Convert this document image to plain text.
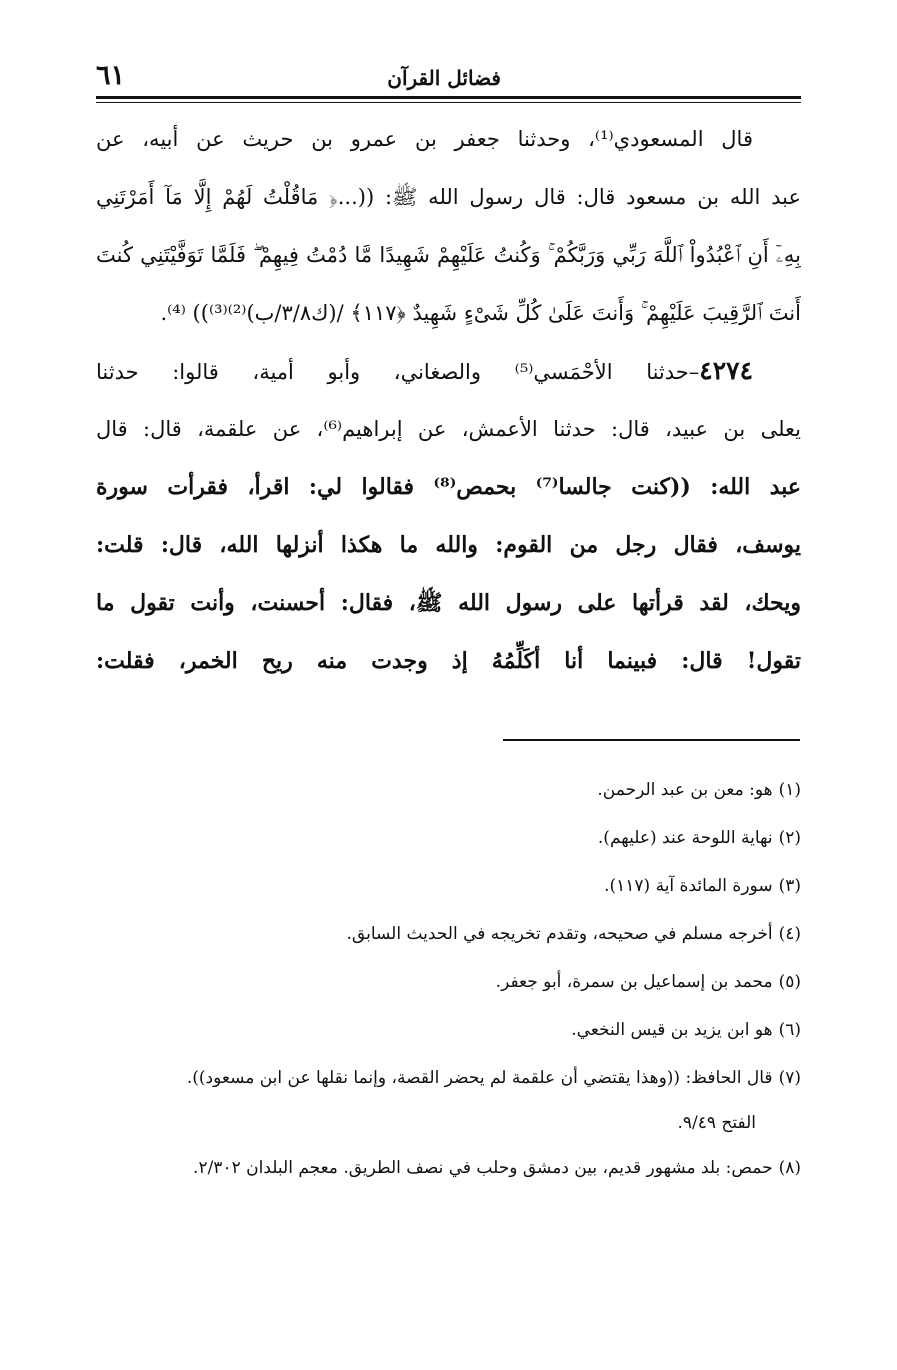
٦١	فضائل القرآن
قال المسعودي⁽¹⁾، وحدثنا جعفر بن عمرو بن حريث عن أبيه، عن
عبد الله بن مسعود قال: قال رسول الله ﷺ: ((...﴿ مَاقُلْتُ لَهُمْ إِلَّا مَآ أَمَرْتَنِي
بِهِۦٓ أَنِ ٱعْبُدُواْ ٱللَّهَ رَبِّي وَرَبَّكُمْ ۚ وَكُنتُ عَلَيْهِمْ شَهِيدًا مَّا دُمْتُ فِيهِمْ ۖ فَلَمَّا تَوَفَّيْتَنِي كُنتَ
أَنتَ ٱلرَّقِيبَ عَلَيْهِمْ ۚ وَأَنتَ عَلَىٰ كُلِّ شَىْءٍ شَهِيدٌ ﴿١١٧﴾ /(ك٣/٨/ب)⁽²⁾⁽³⁾)) ⁽⁴⁾.
٤٢٧٤–حدثنا الأحْمَسي⁽⁵⁾ والصغاني، وأبو أمية، قالوا: حدثنا
يعلى بن عبيد، قال: حدثنا الأعمش، عن إبراهيم⁽⁶⁾، عن علقمة، قال: قال
عبد الله: ((كنت جالسا⁽⁷⁾ بحمص⁽⁸⁾ فقالوا لي: اقرأ، فقرأت سورة
يوسف، فقال رجل من القوم: والله ما هكذا أنزلها الله، قال: قلت:
ويحك، لقد قرأتها على رسول الله ﷺ، فقال: أحسنت، وأنت تقول ما
تقول! قال: فبينما أنا أكَلِّمُهُ إذ وجدت منه ريح الخمر، فقلت:
(١)هو: معن بن عبد الرحمن.
(٢)نهاية اللوحة عند (عليهم).
(٣)سورة المائدة آية (١١٧).
(٤)أخرجه مسلم في صحيحه، وتقدم تخريجه في الحديث السابق.
(٥)محمد بن إسماعيل بن سمرة، أبو جعفر.
(٦)هو ابن يزيد بن قيس النخعي.
(٧)قال الحافظ: ((وهذا يقتضي أن علقمة لم يحضر القصة، وإنما نقلها عن ابن مسعود)).
الفتح ٩/٤٩.
(٨)حمص: بلد مشهور قديم، بين دمشق وحلب في نصف الطريق. معجم البلدان ٢/٣٠٢.
